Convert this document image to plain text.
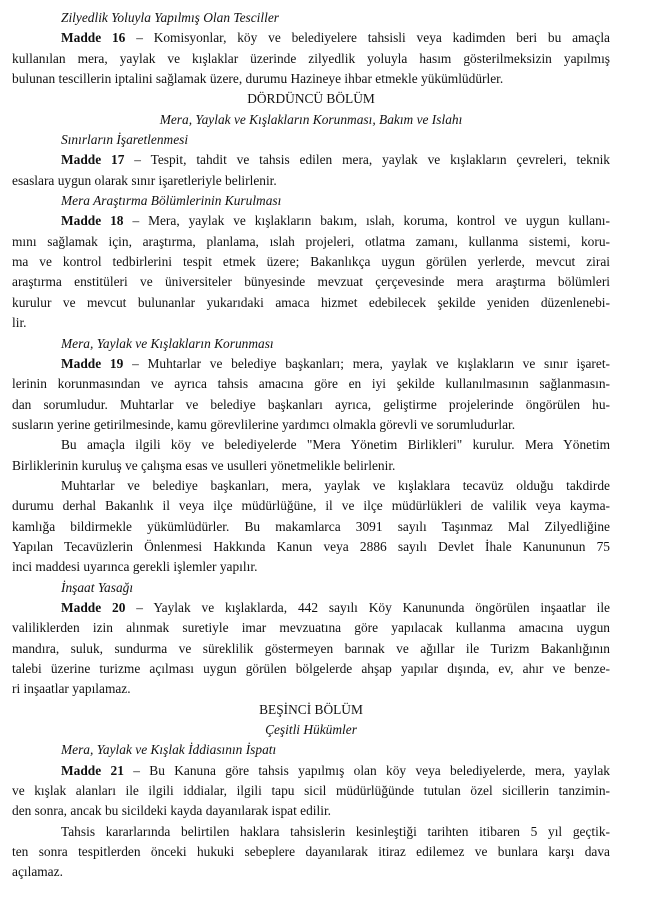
Zilyedlik Yoluyla Yapılmış Olan Tesciller
Madde 16 – Komisyonlar, köy ve belediyelere tahsisli veya kadimden beri bu amaçla
kullanılan mera, yaylak ve kışlaklar üzerinde zilyedlik yoluyla hasım gösterilmeksizin yapılmış
bulunan tescillerin iptalini sağlamak üzere, durumu Hazineye ihbar etmekle yükümlüdürler.
DÖRDÜNCÜ BÖLÜM
Mera, Yaylak ve Kışlakların Korunması, Bakım ve Islahı
Sınırların İşaretlenmesi
Madde 17 – Tespit, tahdit ve tahsis edilen mera, yaylak ve kışlakların çevreleri, teknik
esaslara uygun olarak sınır işaretleriyle belirlenir.
Mera Araştırma Bölümlerinin Kurulması
Madde 18 – Mera, yaylak ve kışlakların bakım, ıslah, koruma, kontrol ve uygun kullanı-
mını sağlamak için, araştırma, planlama, ıslah projeleri, otlatma zamanı, kullanma sistemi, koru-
ma ve kontrol tedbirlerini tespit etmek üzere; Bakanlıkça uygun görülen yerlerde, mevcut zirai
araştırma enstitüleri ve üniversiteler bünyesinde mevzuat çerçevesinde mera araştırma bölümleri
kurulur ve mevcut bulunanlar yukarıdaki amaca hizmet edebilecek şekilde yeniden düzenlenebi-
lir.
Mera, Yaylak ve Kışlakların Korunması
Madde 19 – Muhtarlar ve belediye başkanları; mera, yaylak ve kışlakların ve sınır işaret-
lerinin korunmasından ve ayrıca tahsis amacına göre en iyi şekilde kullanılmasının sağlanmasın-
dan sorumludur. Muhtarlar ve belediye başkanları ayrıca, geliştirme projelerinde öngörülen hu-
susların yerine getirilmesinde, kamu görevlilerine yardımcı olmakla görevli ve sorumludurlar.
Bu amaçla ilgili köy ve belediyelerde "Mera Yönetim Birlikleri" kurulur. Mera Yönetim
Birliklerinin kuruluş ve çalışma esas ve usulleri yönetmelikle belirlenir.
Muhtarlar ve belediye başkanları, mera, yaylak ve kışlaklara tecavüz olduğu takdirde
durumu derhal Bakanlık il veya ilçe müdürlüğüne, il ve ilçe müdürlükleri de valilik veya kayma-
kamlığa bildirmekle yükümlüdürler. Bu makamlarca 3091 sayılı Taşınmaz Mal Zilyedliğine
Yapılan Tecavüzlerin Önlenmesi Hakkında Kanun veya 2886 sayılı Devlet İhale Kanununun 75
inci maddesi uyarınca gerekli işlemler yapılır.
İnşaat Yasağı
Madde 20 – Yaylak ve kışlaklarda, 442 sayılı Köy Kanununda öngörülen inşaatlar ile
valiliklerden izin alınmak suretiyle imar mevzuatına göre yapılacak kullanma amacına uygun
mandıra, suluk, sundurma ve süreklilik göstermeyen barınak ve ağıllar ile Turizm Bakanlığının
talebi üzerine turizme açılması uygun görülen bölgelerde ahşap yapılar dışında, ev, ahır ve benze-
ri inşaatlar yapılamaz.
BEŞİNCİ BÖLÜM
Çeşitli Hükümler
Mera, Yaylak ve Kışlak İddiasının İspatı
Madde 21 – Bu Kanuna göre tahsis yapılmış olan köy veya belediyelerde, mera, yaylak
ve kışlak alanları ile ilgili iddialar, ilgili tapu sicil müdürlüğünde tutulan özel sicillerin tanzimin-
den sonra, ancak bu sicildeki kayda dayanılarak ispat edilir.
Tahsis kararlarında belirtilen haklara tahsislerin kesinleştiği tarihten itibaren 5 yıl geçtik-
ten sonra tespitlerden önceki hukuki sebeplere dayanılarak itiraz edilemez ve bunlara karşı dava
açılamaz.
